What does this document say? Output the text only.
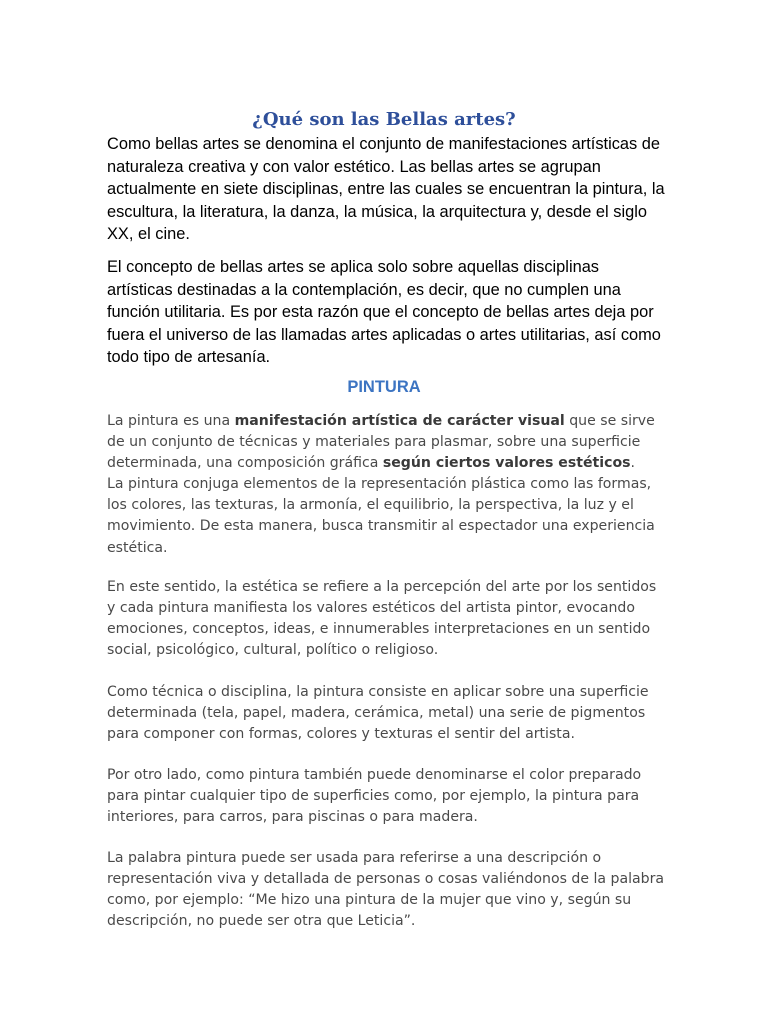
¿Qué son las Bellas artes?

Como bellas artes se denomina el conjunto de manifestaciones artísticas de naturaleza creativa y con valor estético. Las bellas artes se agrupan actualmente en siete disciplinas, entre las cuales se encuentran la pintura, la escultura, la literatura, la danza, la música, la arquitectura y, desde el siglo XX, el cine.

El concepto de bellas artes se aplica solo sobre aquellas disciplinas artísticas destinadas a la contemplación, es decir, que no cumplen una función utilitaria. Es por esta razón que el concepto de bellas artes deja por fuera el universo de las llamadas artes aplicadas o artes utilitarias, así como todo tipo de artesanía.

PINTURA

La pintura es una manifestación artística de carácter visual que se sirve de un conjunto de técnicas y materiales para plasmar, sobre una superficie determinada, una composición gráfica según ciertos valores estéticos.
La pintura conjuga elementos de la representación plástica como las formas, los colores, las texturas, la armonía, el equilibrio, la perspectiva, la luz y el movimiento. De esta manera, busca transmitir al espectador una experiencia estética.

En este sentido, la estética se refiere a la percepción del arte por los sentidos y cada pintura manifiesta los valores estéticos del artista pintor, evocando emociones, conceptos, ideas, e innumerables interpretaciones en un sentido social, psicológico, cultural, político o religioso.

Como técnica o disciplina, la pintura consiste en aplicar sobre una superficie determinada (tela, papel, madera, cerámica, metal) una serie de pigmentos para componer con formas, colores y texturas el sentir del artista.

Por otro lado, como pintura también puede denominarse el color preparado para pintar cualquier tipo de superficies como, por ejemplo, la pintura para interiores, para carros, para piscinas o para madera.

La palabra pintura puede ser usada para referirse a una descripción o representación viva y detallada de personas o cosas valiéndonos de la palabra como, por ejemplo: “Me hizo una pintura de la mujer que vino y, según su descripción, no puede ser otra que Leticia”.
